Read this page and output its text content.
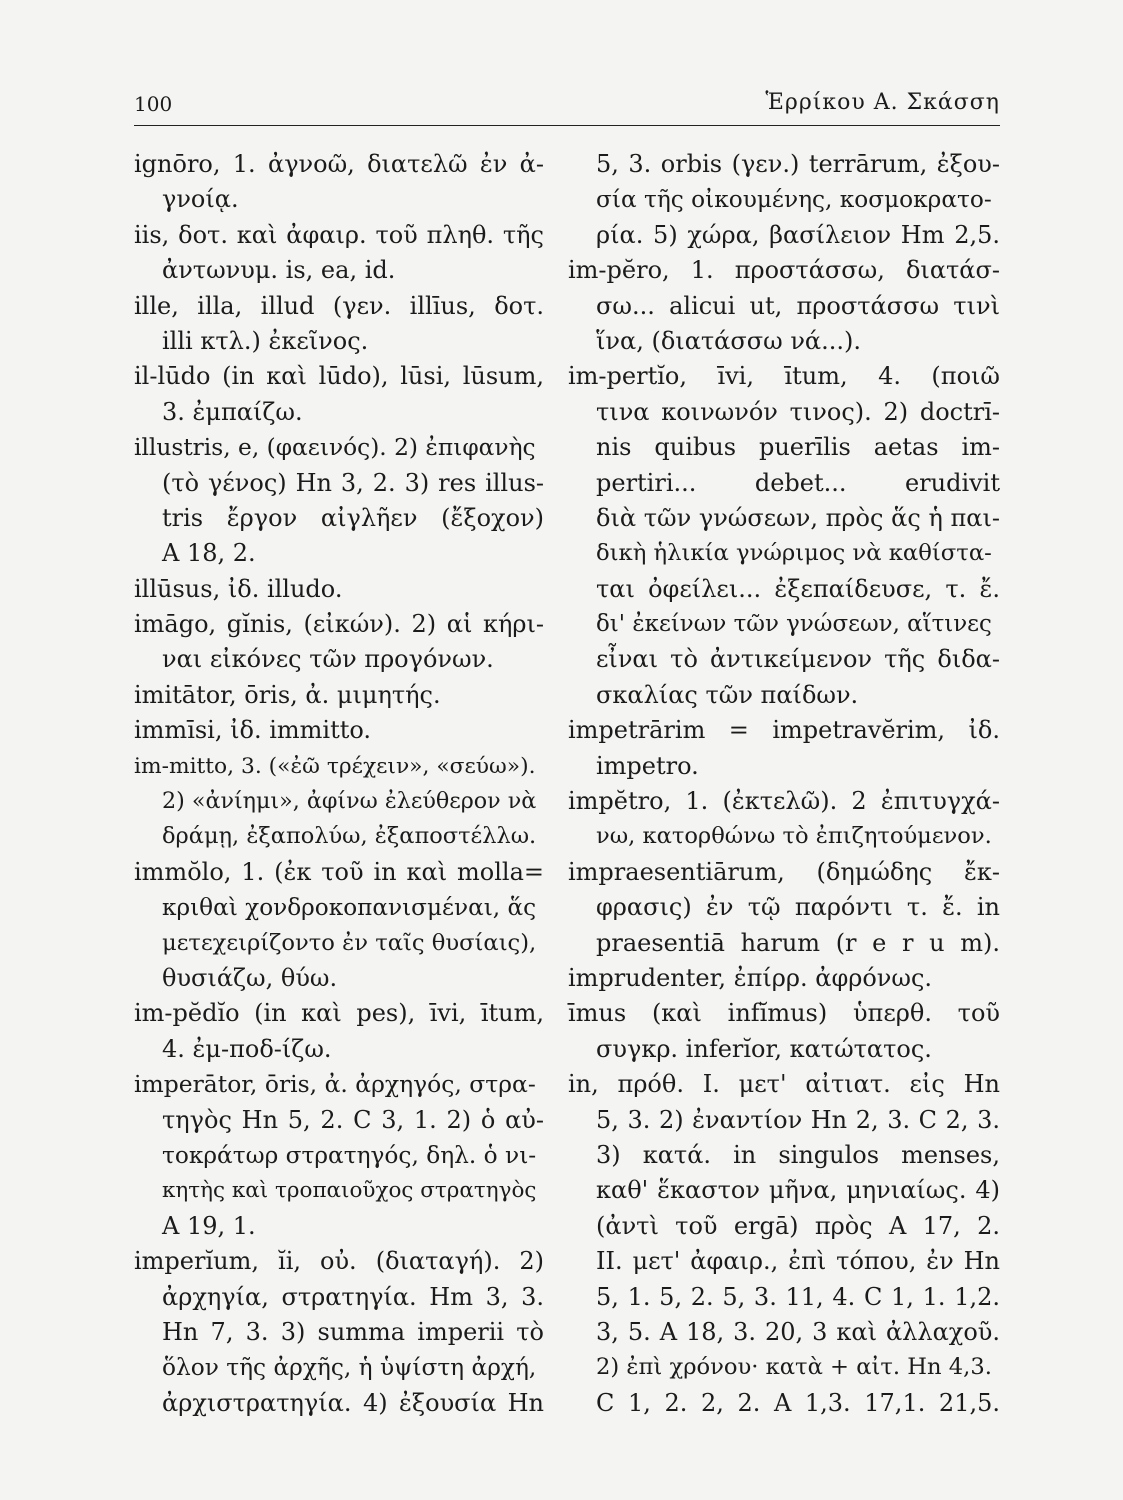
100	Ἑρρίκου Α. Σκάσση
ignōro, 1. ἀγνοῶ, διατελῶ ἐν ἀ-
γνοίᾳ.
iis, δοτ. καὶ ἀφαιρ. τοῦ πληθ. τῆς
ἀντωνυμ. is, ea, id.
ille, illa, illud (γεν. illīus, δοτ.
illi κτλ.) ἐκεῖνος.
il-lūdo (in καὶ lūdo), lūsi, lūsum,
3. ἐμπαίζω.
illustris, e, (φαεινός). 2) ἐπιφανὴς
(τὸ γένος) Hn 3, 2. 3) res illus-
tris ἔργον αἰγλῆεν (ἔξοχον)
A 18, 2.
illūsus, ἰδ. illudo.
imāgo, gĭnis, (εἰκών). 2) αἱ κήρι-
ναι εἰκόνες τῶν προγόνων.
imitātor, ōris, ἀ. μιμητής.
immīsi, ἰδ. immitto.
im-mitto, 3. («ἐῶ τρέχειν», «σεύω»).
2) «ἀνίημι», ἀφίνω ἐλεύθερον νὰ
δράμῃ, ἐξαπολύω, ἐξαποστέλλω.
immŏlo, 1. (ἐκ τοῦ in καὶ molla=
κριθαὶ χονδροκοπανισμέναι, ἅς
μετεχειρίζοντο ἐν ταῖς θυσίαις),
θυσιάζω, θύω.
im-pĕdĭo (in καὶ pes), īvi, ītum,
4. ἐμ-ποδ-ίζω.
imperātor, ōris, ἀ. ἀρχηγός, στρα-
τηγὸς Hn 5, 2. C 3, 1. 2) ὁ αὐ-
τοκράτωρ στρατηγός, δηλ. ὁ νι-
κητὴς καὶ τροπαιοῦχος στρατηγὸς
A 19, 1.
imperĭum, ĭi, οὐ. (διαταγή). 2)
ἀρχηγία, στρατηγία. Hm 3, 3.
Hn 7, 3. 3) summa imperii τὸ
ὅλον τῆς ἀρχῆς, ἡ ὑψίστη ἀρχή,
ἀρχιστρατηγία. 4) ἐξουσία Hn
5, 3. orbis (γεν.) terrārum, ἐξου-
σία τῆς οἰκουμένης, κοσμοκρατο-
ρία. 5) χώρα, βασίλειον Hm 2,5.
im-pĕro, 1. προστάσσω, διατάσ-
σω... alicui ut, προστάσσω τινὶ
ἵνα, (διατάσσω νά...).
im-pertĭo, īvi, ītum, 4. (ποιῶ
τινα κοινωνόν τινος). 2) doctrī-
nis quibus puerīlis aetas im-
pertiri... debet... erudivit
διὰ τῶν γνώσεων, πρὸς ἅς ἡ παι-
δικὴ ἡλικία γνώριμος νὰ καθίστα-
ται ὀφείλει... ἐξεπαίδευσε, τ. ἔ.
δι' ἐκείνων τῶν γνώσεων, αἵτινες
εἶναι τὸ ἀντικείμενον τῆς διδα-
σκαλίας τῶν παίδων.
impetrārim = impetravĕrim, ἰδ.
impetro.
impĕtro, 1. (ἐκτελῶ). 2 ἐπιτυγχά-
νω, κατορθώνω τὸ ἐπιζητούμενον.
impraesentiārum, (δημώδης ἔκ-
φρασις) ἐν τῷ παρόντι τ. ἔ. in
praesentiā harum (r e r u m).
imprudenter, ἐπίρρ. ἀφρόνως.
īmus (καὶ infĭmus) ὑπερθ. τοῦ
συγκρ. inferĭor, κατώτατος.
in, πρόθ. I. μετ' αἰτιατ. εἰς Hn
5, 3. 2) ἐναντίον Hn 2, 3. C 2, 3.
3) κατά. in singulos menses,
καθ' ἕκαστον μῆνα, μηνιαίως. 4)
(ἀντὶ τοῦ ergā) πρὸς A 17, 2.
II. μετ' ἀφαιρ., ἐπὶ τόπου, ἐν Hn
5, 1. 5, 2. 5, 3. 11, 4. C 1, 1. 1,2.
3, 5. A 18, 3. 20, 3 καὶ ἀλλαχοῦ.
2) ἐπὶ χρόνου· κατὰ + αἰτ. Hn 4,3.
C 1, 2. 2, 2. A 1,3. 17,1. 21,5.
